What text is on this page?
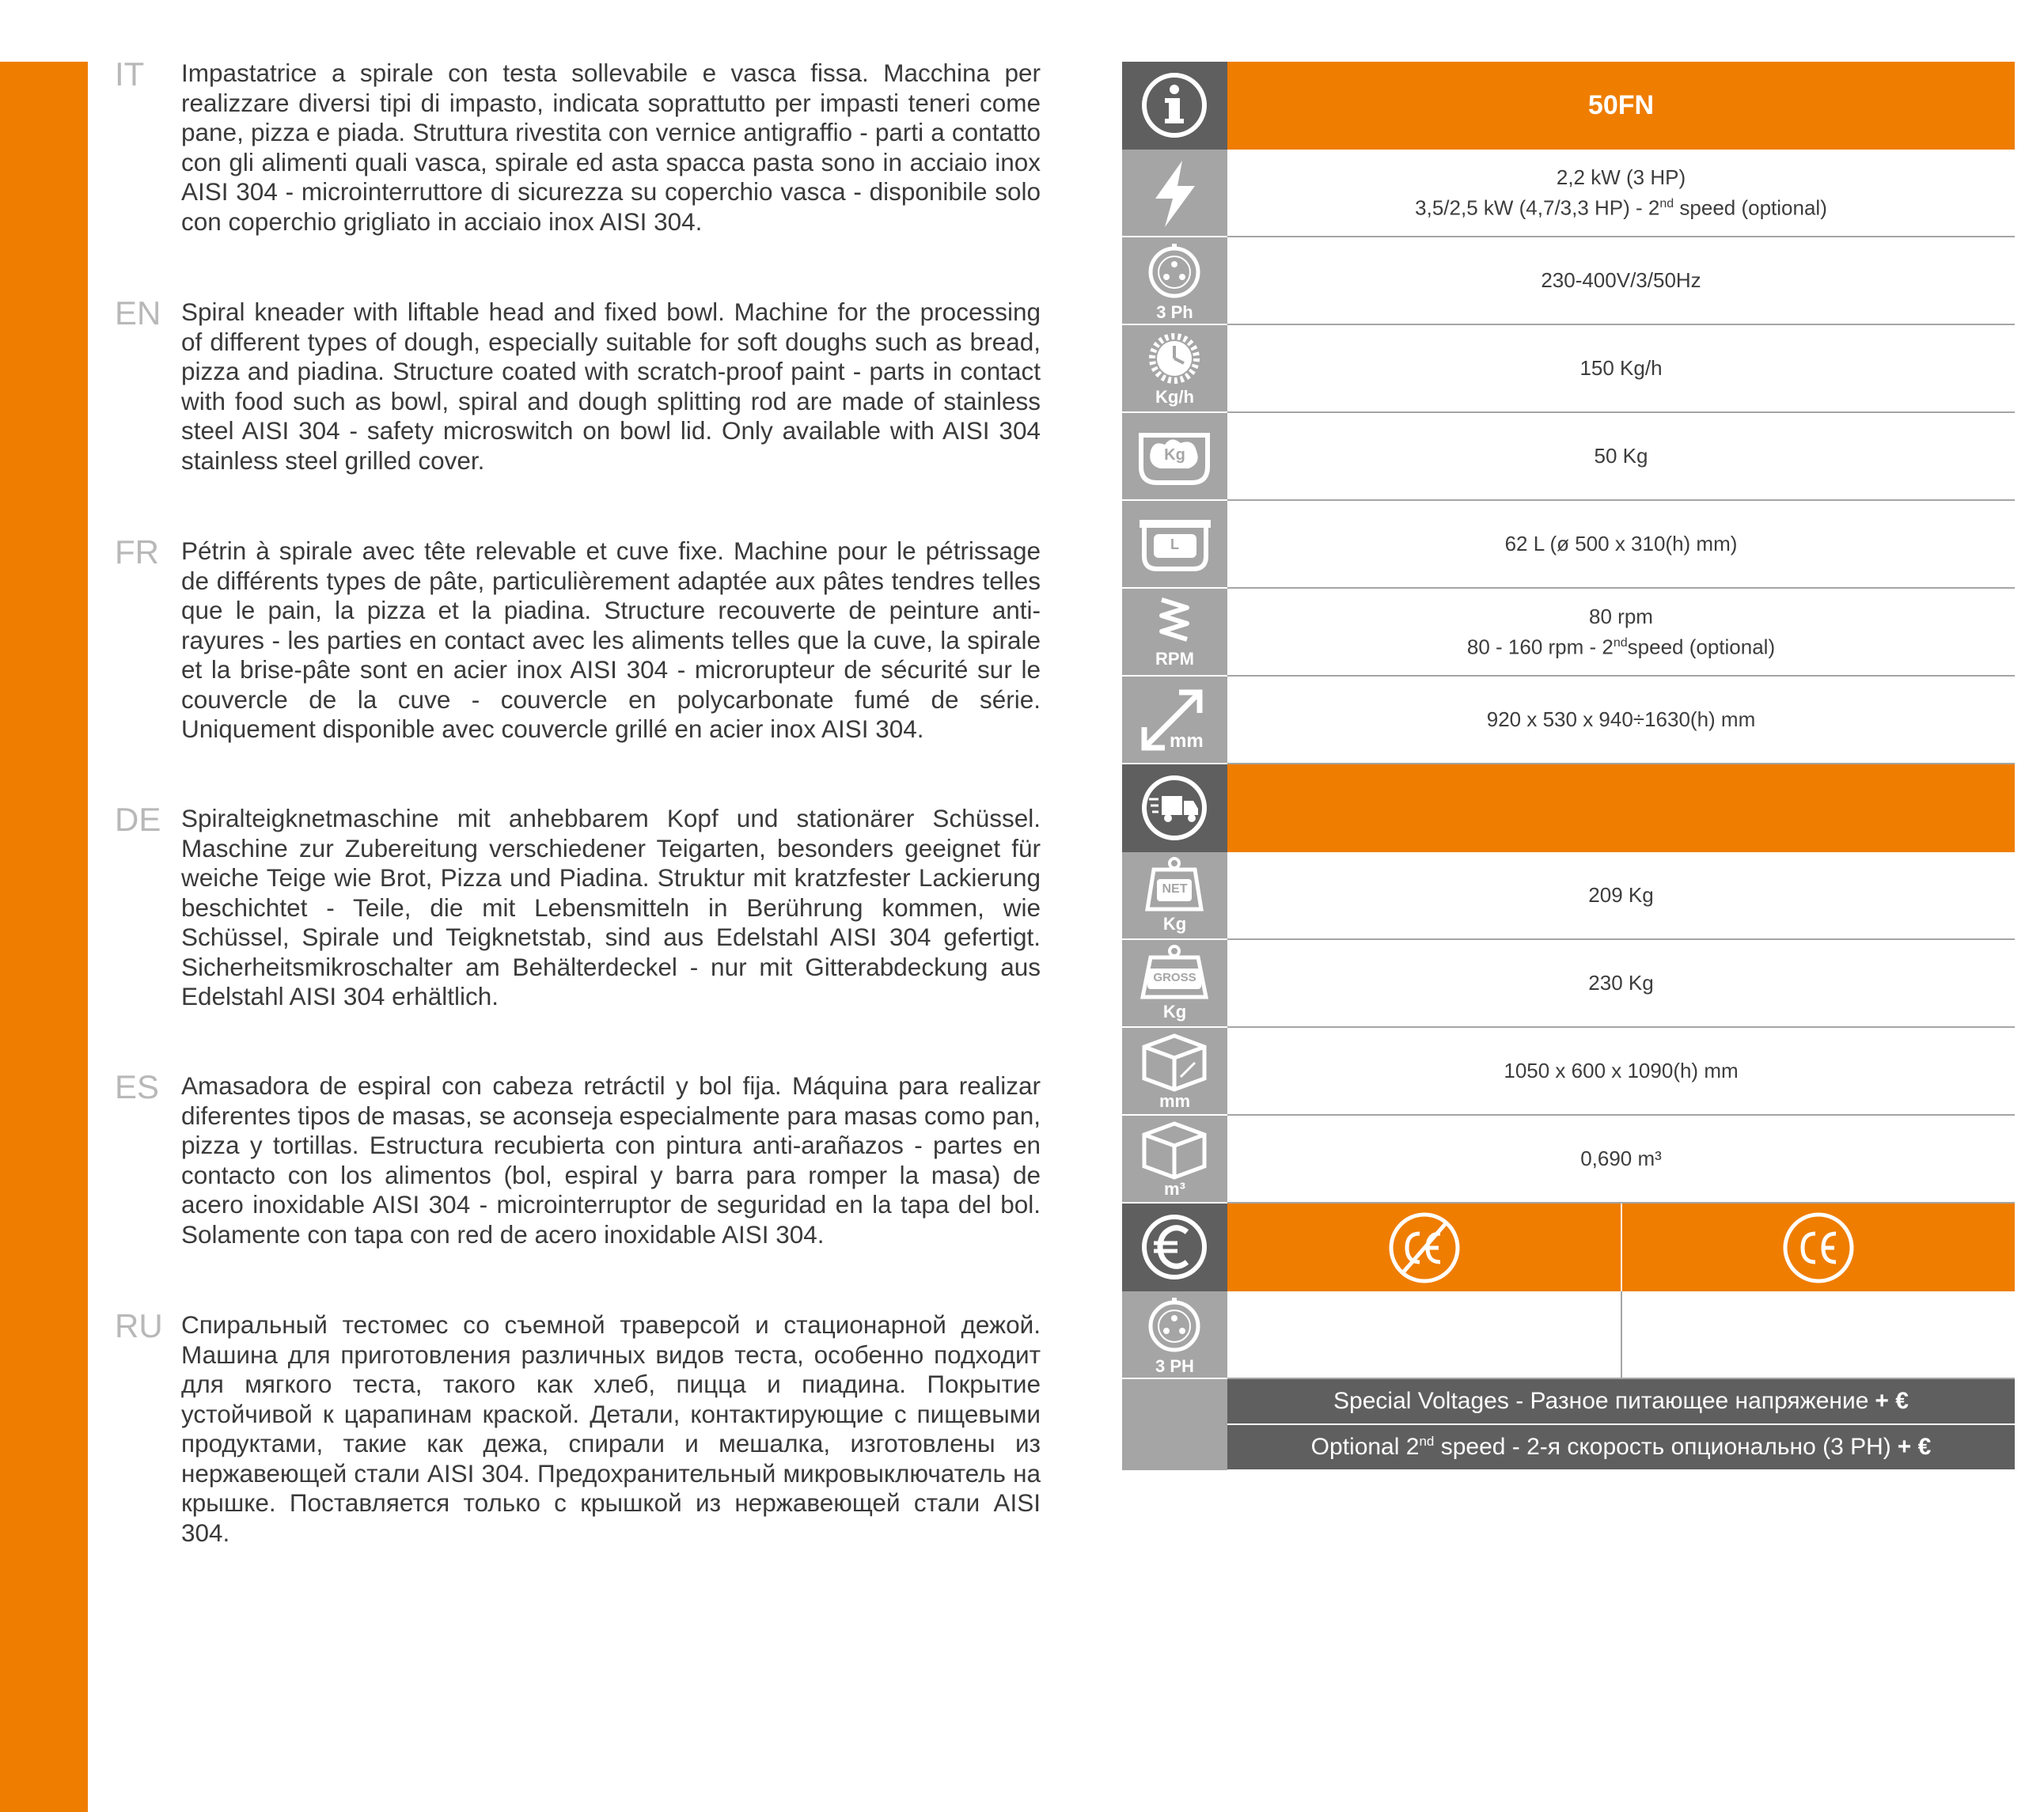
IT Impastatrice a spirale con testa sollevabile e vasca fissa. Macchina per realizzare diversi tipi di impasto, indicata soprattutto per impasti teneri come pane, pizza e piada. Struttura rivestita con vernice antigraffio - parti a contatto con gli alimenti quali vasca, spirale ed asta spacca pasta sono in acciaio inox AISI 304 - microinterruttore di sicurezza su coperchio vasca - disponibile solo con coperchio grigliato in acciaio inox AISI 304.

EN Spiral kneader with liftable head and fixed bowl. Machine for the processing of different types of dough, especially suitable for soft doughs such as bread, pizza and piadina. Structure coated with scratch-proof paint - parts in contact with food such as bowl, spiral and dough splitting rod are made of stainless steel AISI 304 - safety microswitch on bowl lid. Only available with AISI 304 stainless steel grilled cover.

FR Pétrin à spirale avec tête relevable et cuve fixe. Machine pour le pétrissage de différents types de pâte, particulièrement adaptée aux pâtes tendres telles que le pain, la pizza et la piadina. Structure recouverte de peinture anti-rayures - les parties en contact avec les aliments telles que la cuve, la spirale et la brise-pâte sont en acier inox AISI 304 - microrupteur de sécurité sur le couvercle de la cuve - couvercle en polycarbonate fumé de série. Uniquement disponible avec couvercle grillé en acier inox AISI 304.

DE Spiralteigknetmaschine mit anhebbarem Kopf und stationärer Schüssel. Maschine zur Zubereitung verschiedener Teigarten, besonders geeignet für weiche Teige wie Brot, Pizza und Piadina. Struktur mit kratzfester Lackierung beschichtet - Teile, die mit Lebensmitteln in Berührung kommen, wie Schüssel, Spirale und Teigknetstab, sind aus Edelstahl AISI 304 gefertigt. Sicherheitsmikroschalter am Behälterdeckel - nur mit Gitterabdeckung aus Edelstahl AISI 304 erhältlich.

ES Amasadora de espiral con cabeza retráctil y bol fija. Máquina para realizar diferentes tipos de masas, se aconseja especialmente para masas como pan, pizza y tortillas. Estructura recubierta con pintura anti-arañazos - partes en contacto con los alimentos (bol, espiral y barra para romper la masa) de acero inoxidable AISI 304 - microinterruptor de seguridad en la tapa del bol. Solamente con tapa con red de acero inoxidable AISI 304.

RU Спиральный тестомес со съемной траверсой и стационарной дежой. Машина для приготовления различных видов теста, особенно подходит для мягкого теста, такого как хлеб, пицца и пиадина. Покрытие устойчивой к царапинам краской. Детали, контактирующие с пищевыми продуктами, такие как дежа, спирали и мешалка, изготовлены из нержавеющей стали AISI 304. Предохранительный микровыключатель на крышке. Поставляется только с крышкой из нержавеющей стали AISI 304.

50FN
2,2 kW (3 HP)
3,5/2,5 kW (4,7/3,3 HP) - 2nd speed (optional)
3 Ph
230-400V/3/50Hz
Kg/h
150 Kg/h
Kg	50 Kg
L	62 L (ø 500 x 310(h) mm)
RPM
80 rpm
80 - 160 rpm - 2ndspeed (optional)
mm
920 x 530 x 940÷1630(h) mm
NET
Kg
209 Kg
GROSS
Kg
230 Kg
mm
1050 x 600 x 1090(h) mm
m³
0,690 m³
3 PH
Special Voltages - Разное питающее напряжение + €
Optional 2nd speed - 2-я скорость опционально (3 PH) + €
